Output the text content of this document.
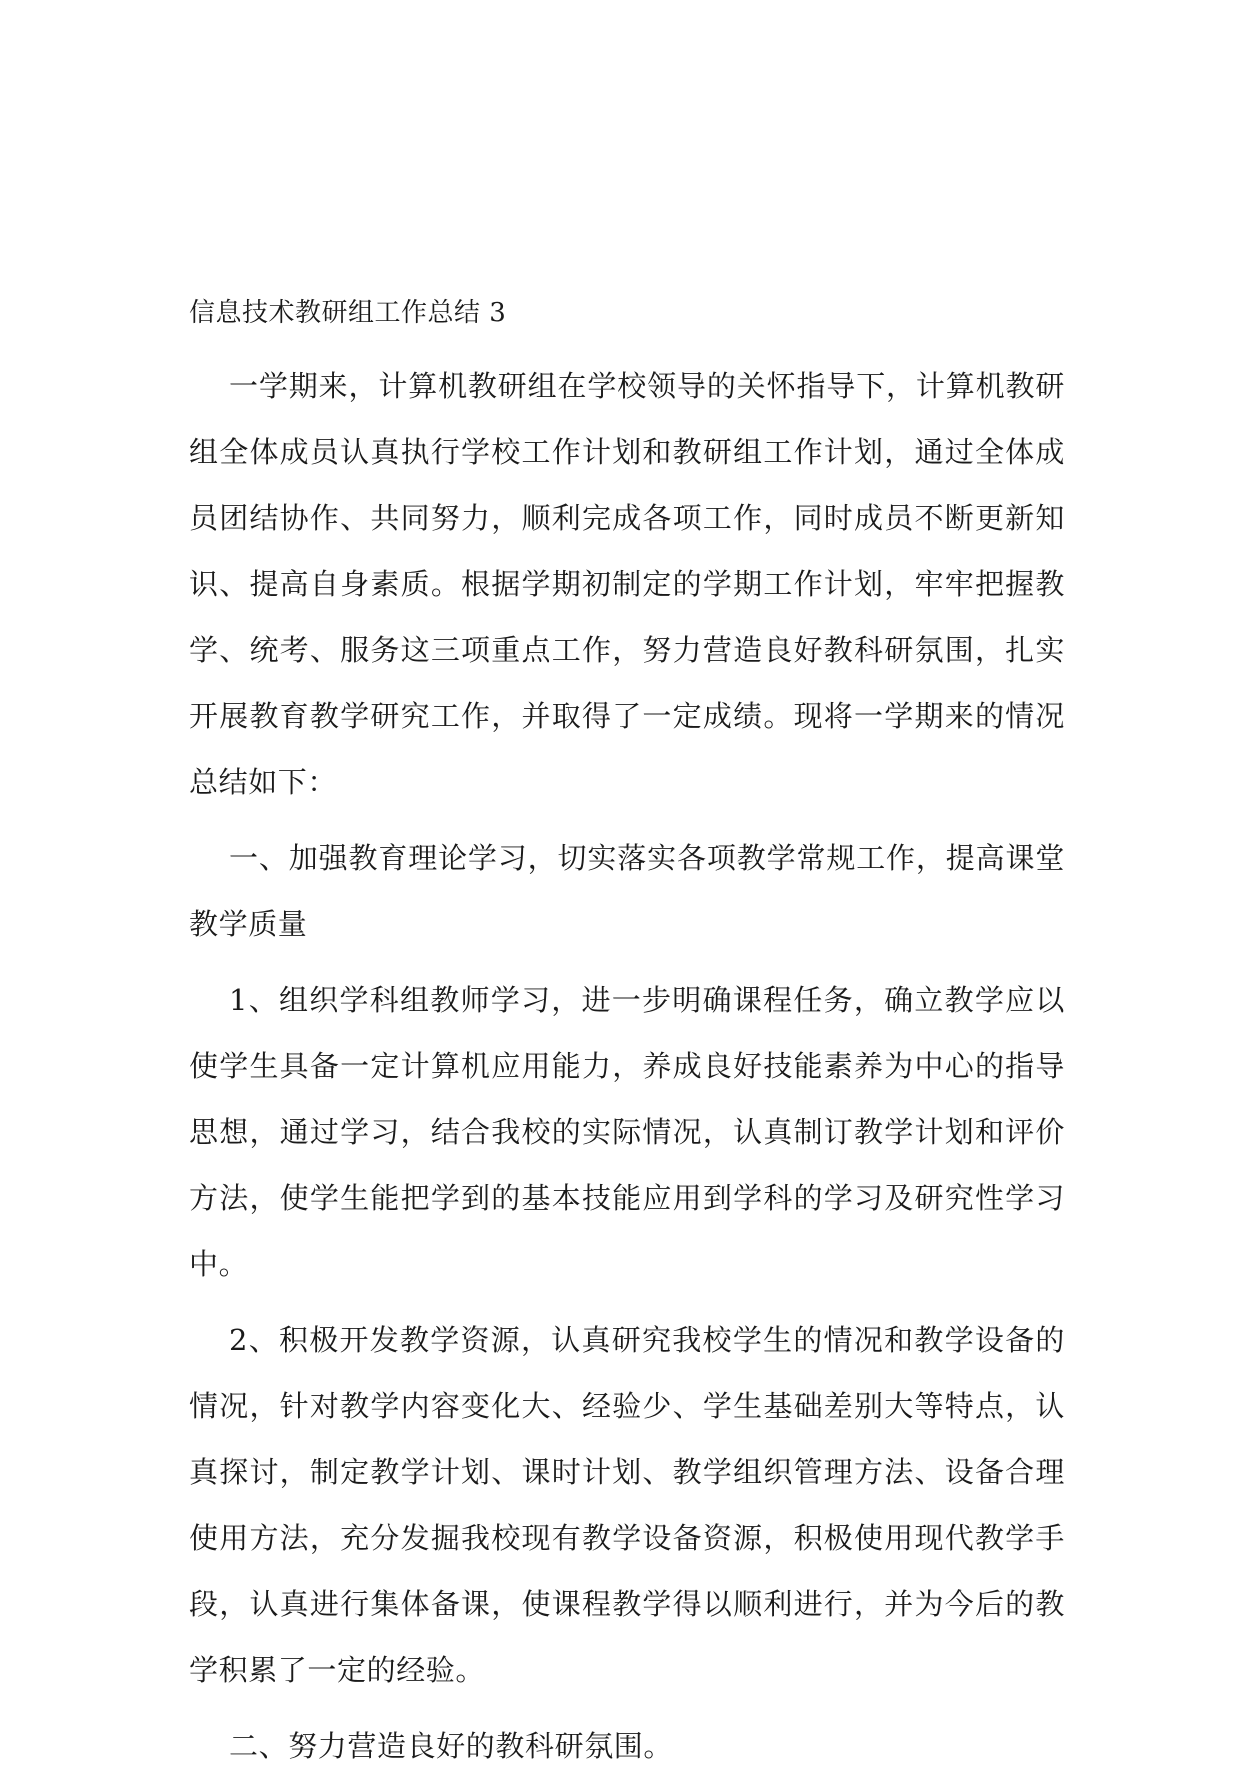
信息技术教研组工作总结 3

一学期来，计算机教研组在学校领导的关怀指导下，计算机教研组全体成员认真执行学校工作计划和教研组工作计划，通过全体成员团结协作、共同努力，顺利完成各项工作，同时成员不断更新知识、提高自身素质。根据学期初制定的学期工作计划，牢牢把握教学、统考、服务这三项重点工作，努力营造良好教科研氛围，扎实开展教育教学研究工作，并取得了一定成绩。现将一学期来的情况总结如下：

一、加强教育理论学习，切实落实各项教学常规工作，提高课堂教学质量

1、组织学科组教师学习，进一步明确课程任务，确立教学应以使学生具备一定计算机应用能力，养成良好技能素养为中心的指导思想，通过学习，结合我校的实际情况，认真制订教学计划和评价方法，使学生能把学到的基本技能应用到学科的学习及研究性学习中。

2、积极开发教学资源，认真研究我校学生的情况和教学设备的情况，针对教学内容变化大、经验少、学生基础差别大等特点，认真探讨，制定教学计划、课时计划、教学组织管理方法、设备合理使用方法，充分发掘我校现有教学设备资源，积极使用现代教学手段，认真进行集体备课，使课程教学得以顺利进行，并为今后的教学积累了一定的经验。

二、努力营造良好的教科研氛围。
